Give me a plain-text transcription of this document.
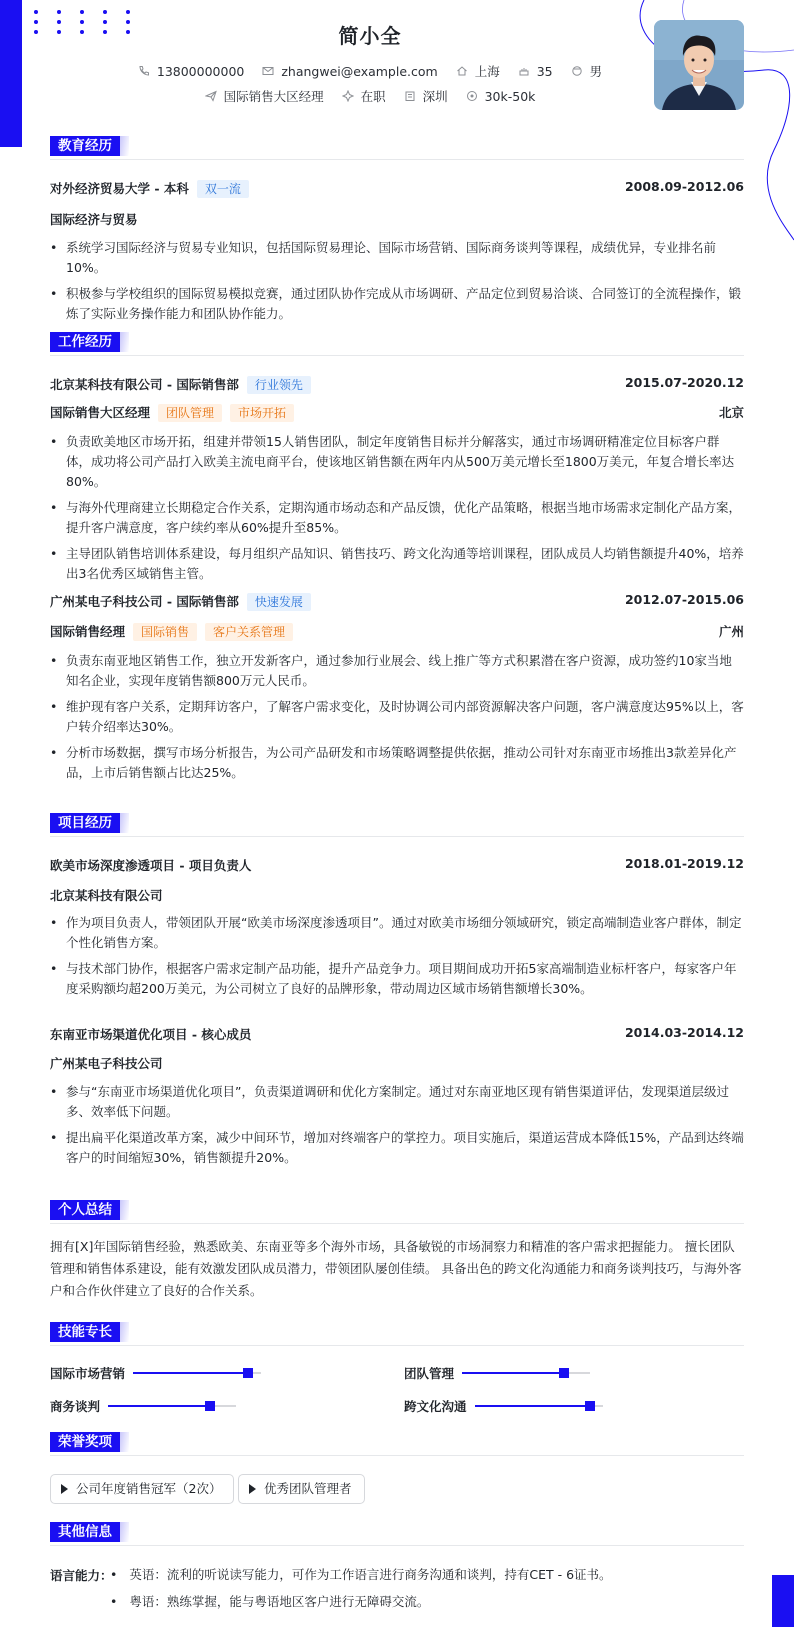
简小全
13800000000
	zhangwei@example.com
	上海
	35
	男
国际销售大区经理
	在职
	深圳
	30k-50k
教育经历
对外经济贸易大学 - 本科 双一流	2008.09-2012.06
国际经济与贸易
• 系统学习国际经济与贸易专业知识，包括国际贸易理论、国际市场营销、国际商务谈判等课程，成绩优异，专业排名前10%。
• 积极参与学校组织的国际贸易模拟竞赛，通过团队协作完成从市场调研、产品定位到贸易洽谈、合同签订的全流程操作，锻炼了实际业务操作能力和团队协作能力。
工作经历
北京某科技有限公司 - 国际销售部 行业领先	2015.07-2020.12
国际销售大区经理 团队管理 市场开拓	北京
• 负责欧美地区市场开拓，组建并带领15人销售团队，制定年度销售目标并分解落实，通过市场调研精准定位目标客户群体，成功将公司产品打入欧美主流电商平台，使该地区销售额在两年内从500万美元增长至1800万美元，年复合增长率达80%。
• 与海外代理商建立长期稳定合作关系，定期沟通市场动态和产品反馈，优化产品策略，根据当地市场需求定制化产品方案，提升客户满意度，客户续约率从60%提升至85%。
• 主导团队销售培训体系建设，每月组织产品知识、销售技巧、跨文化沟通等培训课程，团队成员人均销售额提升40%，培养出3名优秀区域销售主管。
广州某电子科技公司 - 国际销售部 快速发展	2012.07-2015.06
国际销售经理 国际销售 客户关系管理	广州
• 负责东南亚地区销售工作，独立开发新客户，通过参加行业展会、线上推广等方式积累潜在客户资源，成功签约10家当地知名企业，实现年度销售额800万元人民币。
• 维护现有客户关系，定期拜访客户，了解客户需求变化，及时协调公司内部资源解决客户问题，客户满意度达95%以上，客户转介绍率达30%。
• 分析市场数据，撰写市场分析报告，为公司产品研发和市场策略调整提供依据，推动公司针对东南亚市场推出3款差异化产品，上市后销售额占比达25%。
项目经历
欧美市场深度渗透项目 - 项目负责人	2018.01-2019.12
北京某科技有限公司
• 作为项目负责人，带领团队开展“欧美市场深度渗透项目”。通过对欧美市场细分领域研究，锁定高端制造业客户群体，制定个性化销售方案。
• 与技术部门协作，根据客户需求定制产品功能，提升产品竞争力。项目期间成功开拓5家高端制造业标杆客户，每家客户年度采购额均超200万美元，为公司树立了良好的品牌形象，带动周边区域市场销售额增长30%。
东南亚市场渠道优化项目 - 核心成员	2014.03-2014.12
广州某电子科技公司
• 参与“东南亚市场渠道优化项目”，负责渠道调研和优化方案制定。通过对东南亚地区现有销售渠道评估，发现渠道层级过多、效率低下问题。
• 提出扁平化渠道改革方案，减少中间环节，增加对终端客户的掌控力。项目实施后，渠道运营成本降低15%，产品到达终端客户的时间缩短30%，销售额提升20%。
个人总结
拥有[X]年国际销售经验，熟悉欧美、东南亚等多个海外市场，具备敏锐的市场洞察力和精准的客户需求把握能力。 擅长团队管理和销售体系建设，能有效激发团队成员潜力，带领团队屡创佳绩。 具备出色的跨文化沟通能力和商务谈判技巧，与海外客户和合作伙伴建立了良好的合作关系。
技能专长
国际市场营销	团队管理
商务谈判	跨文化沟通
荣誉奖项
公司年度销售冠军（2次）	优秀团队管理者
其他信息
语言能力：
•	英语：流利的听说读写能力，可作为工作语言进行商务沟通和谈判，持有CET - 6证书。
• 粤语：熟练掌握，能与粤语地区客户进行无障碍交流。
